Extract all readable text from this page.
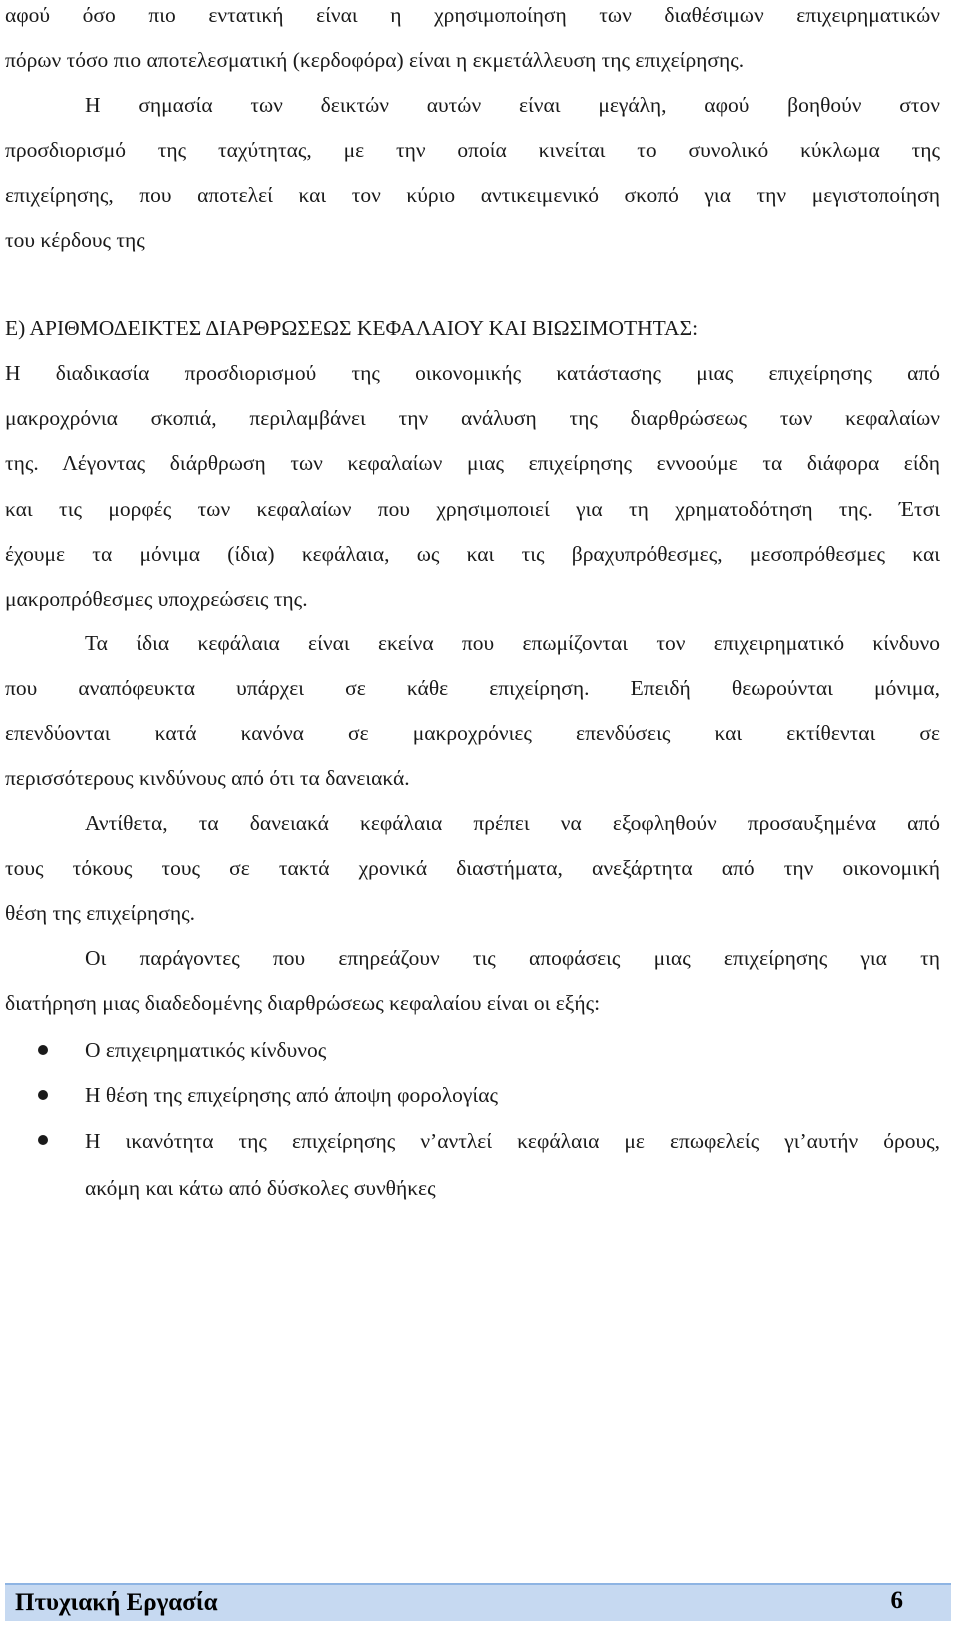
αφού όσο πιο εντατική είναι η χρησιμοποίηση των διαθέσιμων επιχειρηματικών
πόρων τόσο πιο αποτελεσματική (κερδοφόρα) είναι η εκμετάλλευση της επιχείρησης.
Η σημασία των δεικτών αυτών είναι μεγάλη, αφού βοηθούν στον
προσδιορισμό της ταχύτητας, με την οποία κινείται το συνολικό κύκλωμα της
επιχείρησης, που αποτελεί και τον κύριο αντικειμενικό σκοπό για την μεγιστοποίηση
του κέρδους της
Ε) ΑΡΙΘΜΟΔΕΙΚΤΕΣ ΔΙΑΡΘΡΩΣΕΩΣ ΚΕΦΑΛΑΙΟΥ ΚΑΙ ΒΙΩΣΙΜΟΤΗΤΑΣ:
Η διαδικασία προσδιορισμού της οικονομικής κατάστασης μιας επιχείρησης από
μακροχρόνια σκοπιά, περιλαμβάνει την ανάλυση της διαρθρώσεως των κεφαλαίων
της. Λέγοντας διάρθρωση των κεφαλαίων μιας επιχείρησης εννοούμε τα διάφορα είδη
και τις μορφές των κεφαλαίων που χρησιμοποιεί για τη χρηματοδότηση της. Έτσι
έχουμε τα μόνιμα (ίδια) κεφάλαια, ως και τις βραχυπρόθεσμες, μεσοπρόθεσμες και
μακροπρόθεσμες υποχρεώσεις της.
Τα ίδια κεφάλαια είναι εκείνα που επωμίζονται τον επιχειρηματικό κίνδυνο
που αναπόφευκτα υπάρχει σε κάθε επιχείρηση. Επειδή θεωρούνται μόνιμα,
επενδύονται κατά κανόνα σε μακροχρόνιες επενδύσεις και εκτίθενται σε
περισσότερους κινδύνους από ότι τα δανειακά.
Αντίθετα, τα δανειακά κεφάλαια πρέπει να εξοφληθούν προσαυξημένα από
τους τόκους τους σε τακτά χρονικά διαστήματα, ανεξάρτητα από την οικονομική
θέση της επιχείρησης.
Οι παράγοντες που επηρεάζουν τις αποφάσεις μιας επιχείρησης για τη
διατήρηση μιας διαδεδομένης διαρθρώσεως κεφαλαίου είναι οι εξής:
Ο επιχειρηματικός κίνδυνος
Η θέση της επιχείρησης από άποψη φορολογίας
Η ικανότητα της επιχείρησης ν’αντλεί κεφάλαια με επωφελείς γι’αυτήν όρους,
ακόμη και κάτω από δύσκολες συνθήκες
Πτυχιακή Εργασία	6
